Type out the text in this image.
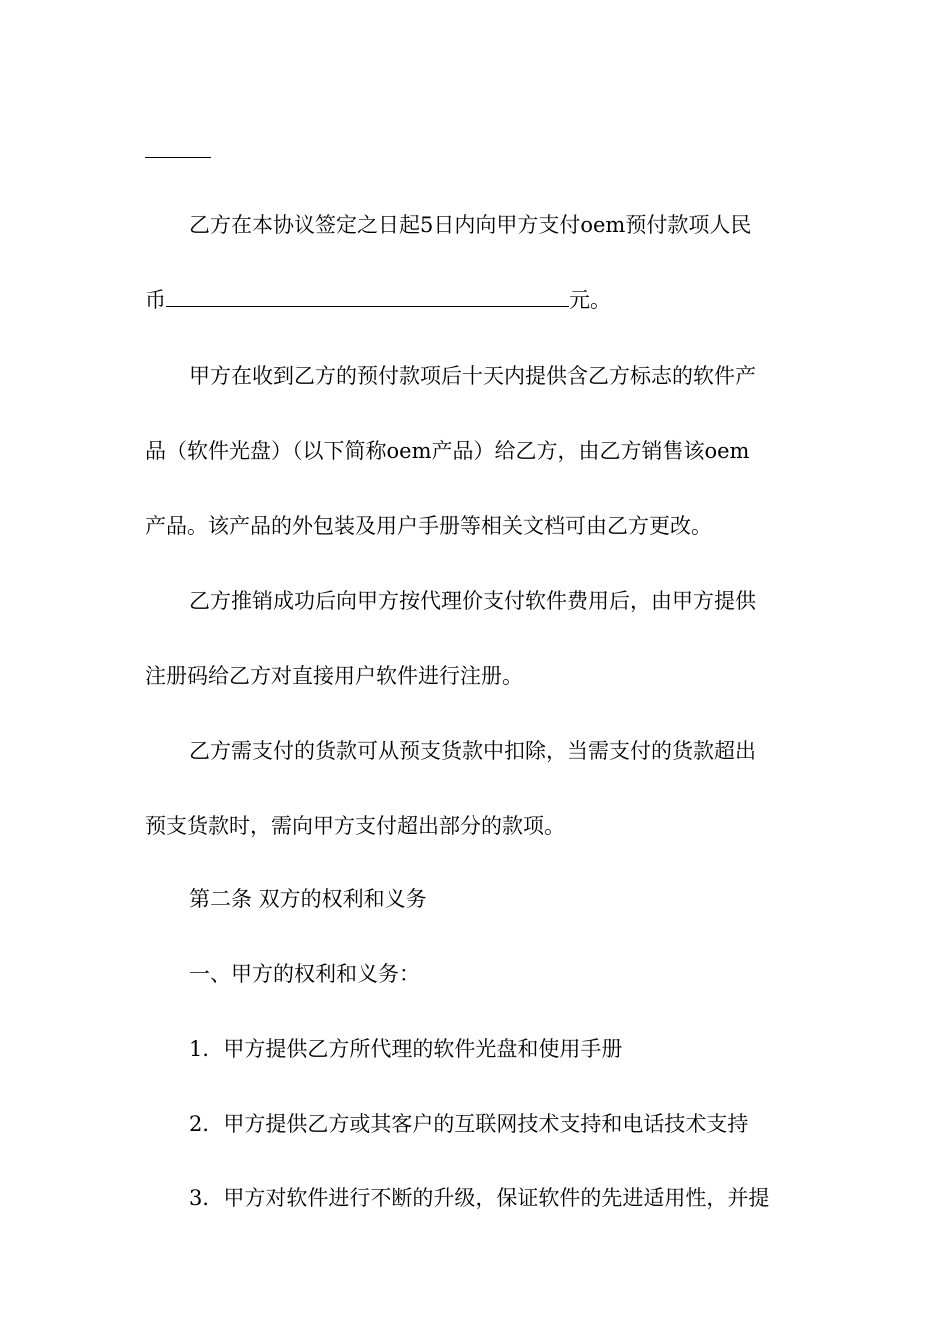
乙方在本协议签定之日起5日内向甲方支付oem预付款项人民
币	元。
甲方在收到乙方的预付款项后十天内提供含乙方标志的软件产
品（软件光盘）（以下简称oem产品）给乙方，由乙方销售该oem
产品。该产品的外包装及用户手册等相关文档可由乙方更改。
乙方推销成功后向甲方按代理价支付软件费用后，由甲方提供
注册码给乙方对直接用户软件进行注册。
乙方需支付的货款可从预支货款中扣除，当需支付的货款超出
预支货款时，需向甲方支付超出部分的款项。
第二条 双方的权利和义务
一、甲方的权利和义务：
1．甲方提供乙方所代理的软件光盘和使用手册
2．甲方提供乙方或其客户的互联网技术支持和电话技术支持
3．甲方对软件进行不断的升级，保证软件的先进适用性，并提
